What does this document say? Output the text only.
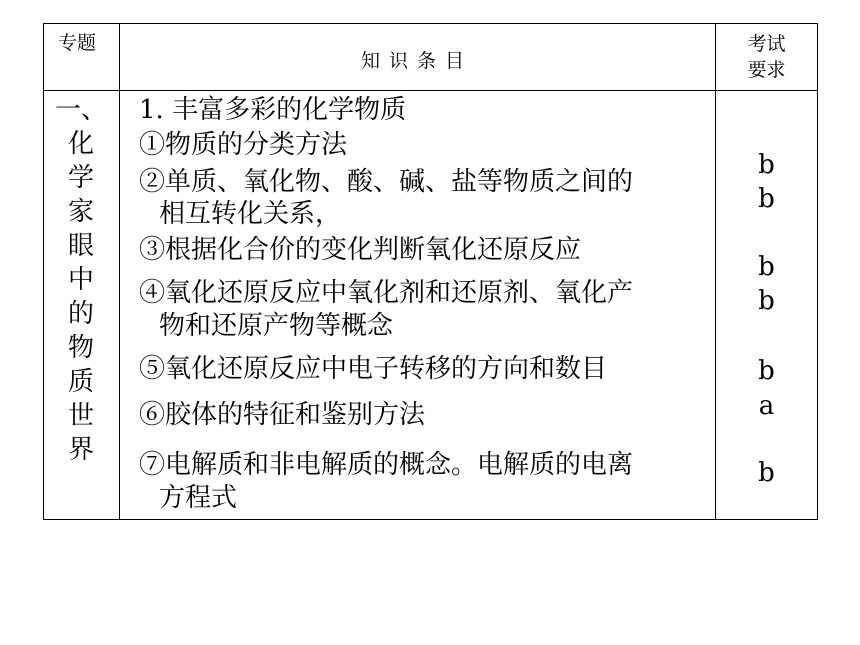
专题
知识条目
考试
要求
一、
化
学
家
眼
中
的
物
质
世
界
1. 丰富多彩的化学物质
①物质的分类方法
②单质、氧化物、酸、碱、盐等物质之间的
相互转化关系，
③根据化合价的变化判断氧化还原反应
④氧化还原反应中氧化剂和还原剂、氧化产
物和还原产物等概念
⑤氧化还原反应中电子转移的方向和数目
⑥胶体的特征和鉴别方法
⑦电解质和非电解质的概念。电解质的电离
方程式
b
b
b
b
b
a
b
